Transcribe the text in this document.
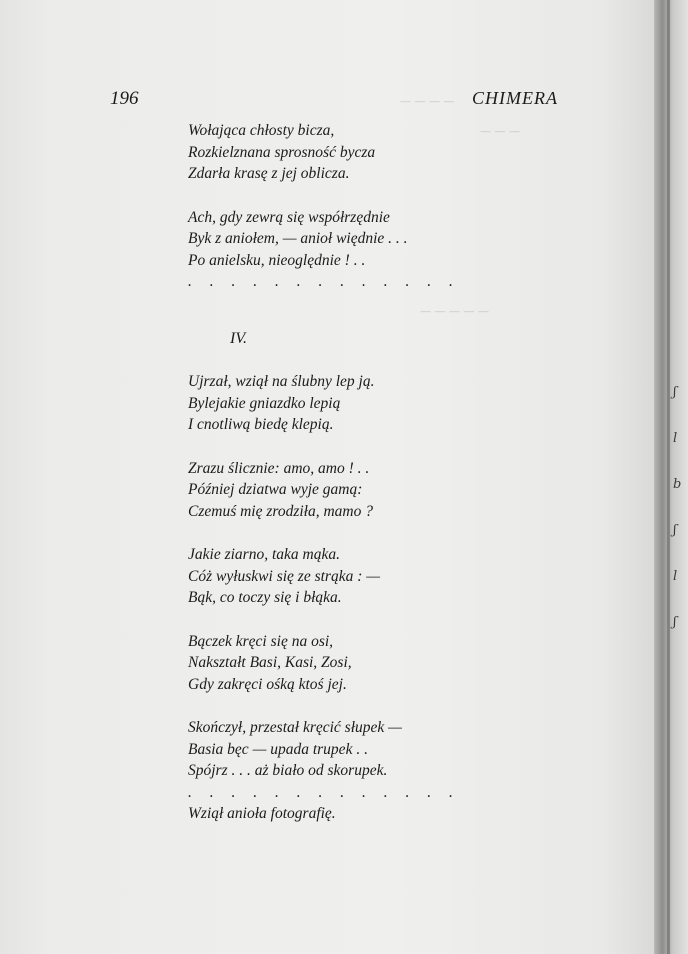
— — — —
— — —
— — — — —
ʃ
l
b
ʃ
l
ʃ
196	CHIMERA
Wołająca chłosty bicza,
Rozkielznana sprosność bycza
Zdarła krasę z jej oblicza.
Ach, gdy zewrą się współrzędnie
Byk z aniołem, — anioł więdnie . . .
Po anielsku, nieoględnie ! . .
. . . . . . . . . . . . .
IV.
Ujrzał, wziął na ślubny lep ją.
Bylejakie gniazdko lepią
I cnotliwą biedę klepią.
Zrazu ślicznie: amo, amo ! . .
Później dziatwa wyje gamą:
Czemuś mię zrodziła, mamo ?
Jakie ziarno, taka mąka.
Cóż wyłuskwi się ze strąka : —
Bąk, co toczy się i błąka.
Bączek kręci się na osi,
Nakształt Basi, Kasi, Zosi,
Gdy zakręci ośką ktoś jej.
Skończył, przestał kręcić słupek —
Basia bęc — upada trupek . .
Spójrz . . . aż biało od skorupek.
. . . . . . . . . . . . .
Wziął anioła fotografię.
